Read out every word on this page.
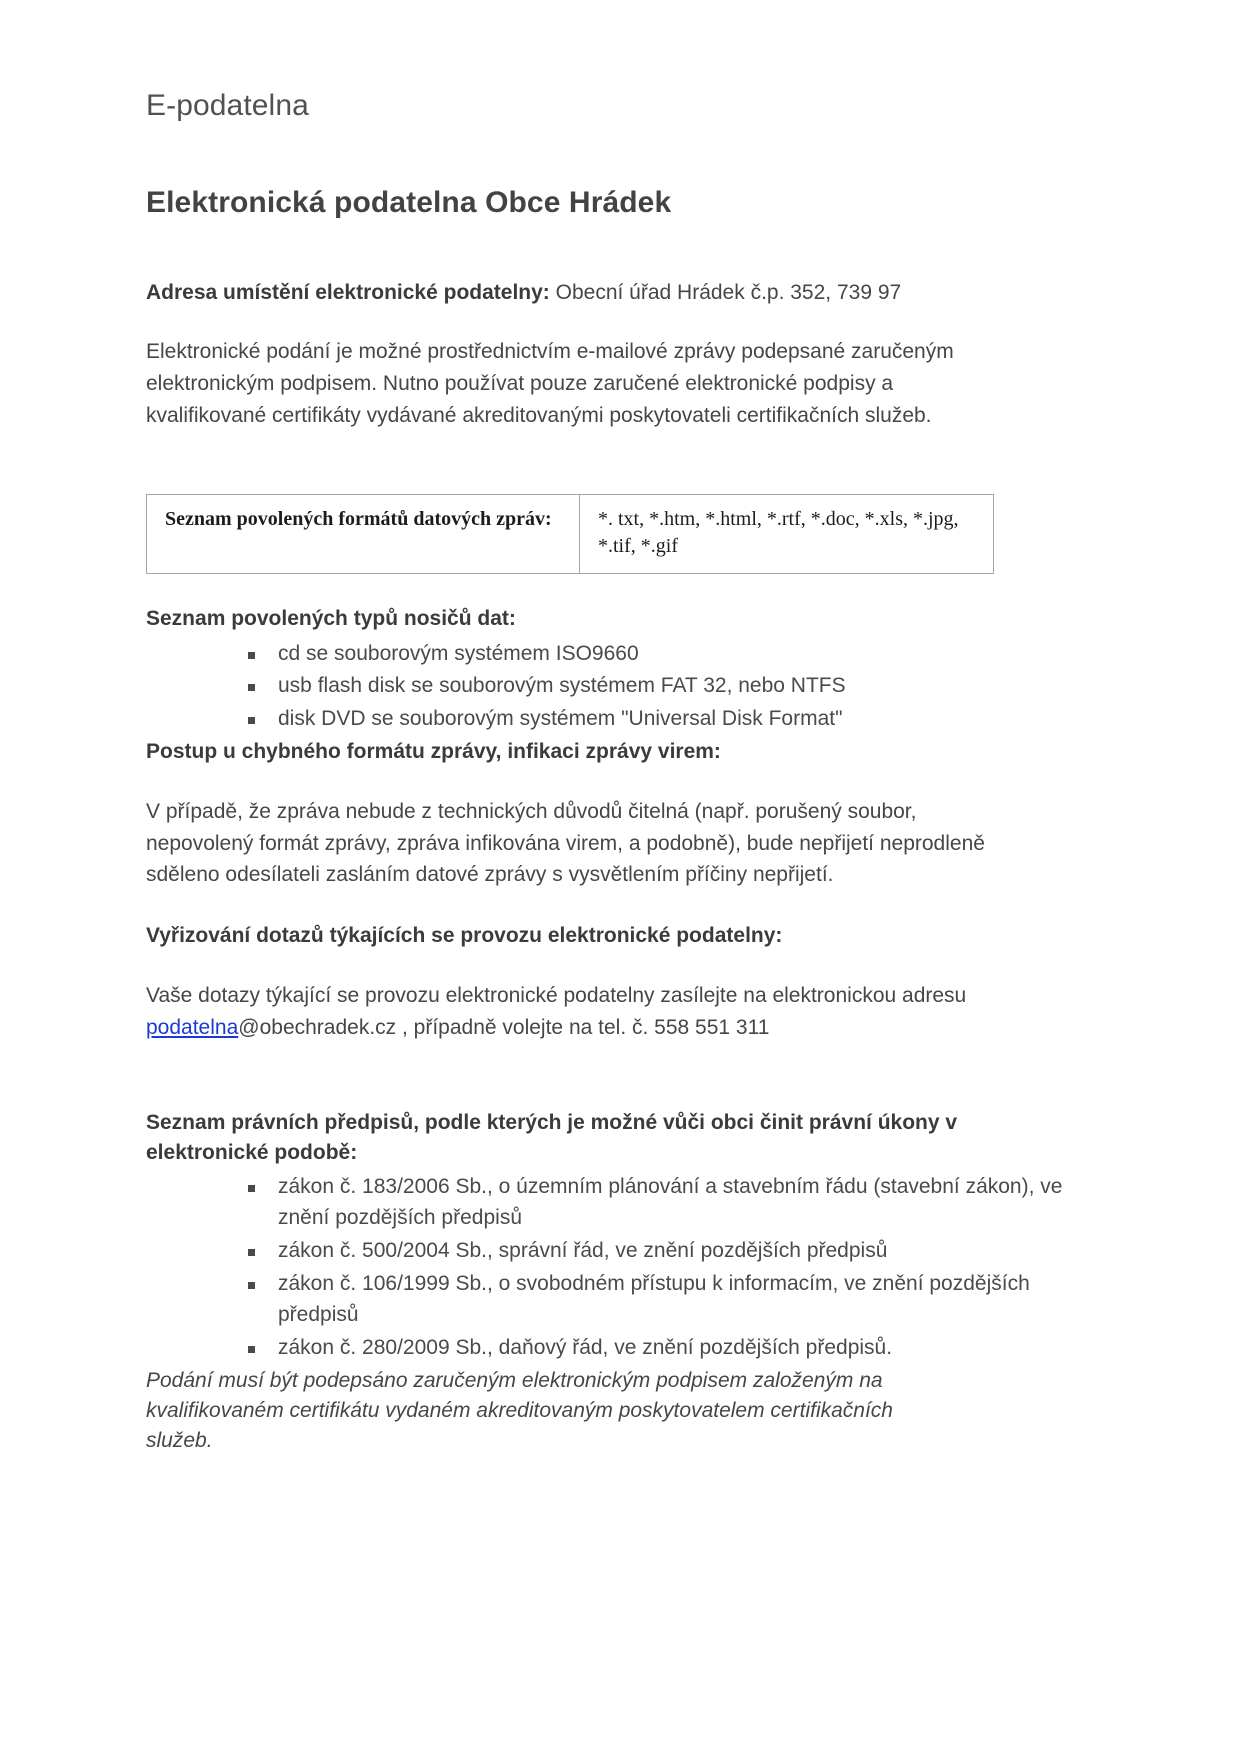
E-podatelna
Elektronická podatelna Obce Hrádek

Adresa umístění elektronické podatelny: Obecní úřad Hrádek č.p. 352, 739 97

Elektronické podání je možné prostřednictvím e-mailové zprávy podepsané zaručeným elektronickým podpisem. Nutno používat pouze zaručené elektronické podpisy a kvalifikované certifikáty vydávané akreditovanými poskytovateli certifikačních služeb.

Seznam povolených formátů datových zpráv:	*. txt, *.htm, *.html, *.rtf, *.doc, *.xls, *.jpg, *.tif, *.gif

Seznam povolených typů nosičů dat:

cd se souborovým systémem ISO9660
usb flash disk se souborovým systémem FAT 32, nebo NTFS
disk DVD se souborovým systémem "Universal Disk Format"

Postup u chybného formátu zprávy, infikaci zprávy virem:

V případě, že zpráva nebude z technických důvodů čitelná (např. porušený soubor, nepovolený formát zprávy, zpráva infikována virem, a podobně), bude nepřijetí neprodleně sděleno odesílateli zasláním datové zprávy s vysvětlením příčiny nepřijetí.

Vyřizování dotazů týkajících se provozu elektronické podatelny:

Vaše dotazy týkající se provozu elektronické podatelny zasílejte na elektronickou adresu podatelna@obechradek.cz , případně volejte na tel. č. 558 551 311

Seznam právních předpisů, podle kterých je možné vůči obci činit právní úkony v elektronické podobě:

zákon č. 183/2006 Sb., o územním plánování a stavebním řádu (stavební zákon), ve znění pozdějších předpisů
zákon č. 500/2004 Sb., správní řád, ve znění pozdějších předpisů
zákon č. 106/1999 Sb., o svobodném přístupu k informacím, ve znění pozdějších předpisů
zákon č. 280/2009 Sb., daňový řád, ve znění pozdějších předpisů.

Podání musí být podepsáno zaručeným elektronickým podpisem založeným na kvalifikovaném certifikátu vydaném akreditovaným poskytovatelem certifikačních služeb.
